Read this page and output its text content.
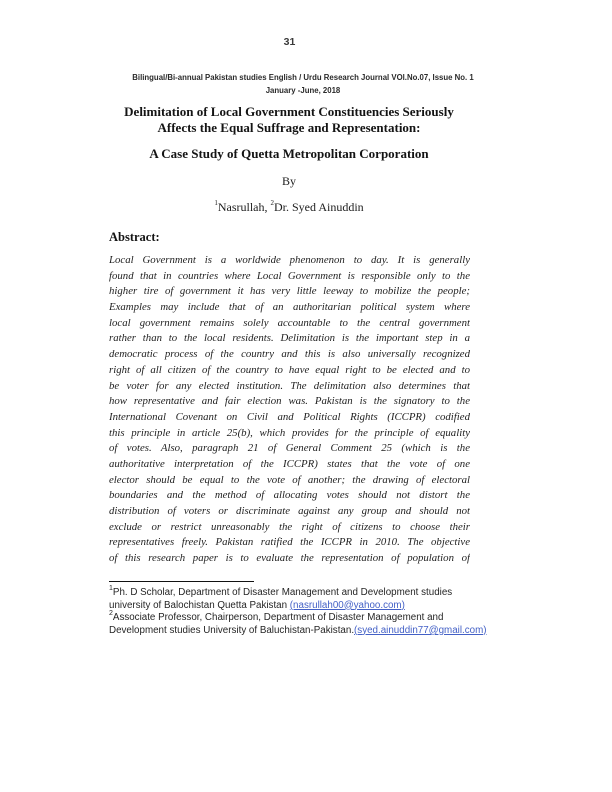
31
Bilingual/Bi-annual Pakistan studies English / Urdu Research Journal VOl.No.07, Issue No. 1
January -June, 2018
Delimitation of Local Government Constituencies Seriously
Affects the Equal Suffrage and Representation:
A Case Study of Quetta Metropolitan Corporation
By
$^1$Nasrullah, $^2$Dr. Syed Ainuddin
Abstract:
Local Government is a worldwide phenomenon to day. It is generally
found that in countries where Local Government is responsible only to the
higher tire of government it has very little leeway to mobilize the people;
Examples may include that of an authoritarian political system where
local government remains solely accountable to the central government
rather than to the local residents. Delimitation is the important step in a
democratic process of the country and this is also universally recognized
right of all citizen of the country to have equal right to be elected and to
be voter for any elected institution. The delimitation also determines that
how representative and fair election was. Pakistan is the signatory to the
International Covenant on Civil and Political Rights (ICCPR) codified
this principle in article 25(b), which provides for the principle of equality
of votes. Also, paragraph 21 of General Comment 25 (which is the
authoritative interpretation of the ICCPR) states that the vote of one
elector should be equal to the vote of another; the drawing of electoral
boundaries and the method of allocating votes should not distort the
distribution of voters or discriminate against any group and should not
exclude or restrict unreasonably the right of citizens to choose their
representatives freely. Pakistan ratified the ICCPR in 2010. The objective
of this research paper is to evaluate the representation of population of
$^1$Ph. D Scholar, Department of Disaster Management and Development studies
university of Balochistan Quetta Pakistan (nasrullah00@yahoo.com)
$^2$Associate Professor, Chairperson, Department of Disaster Management and
Development studies University of Baluchistan-Pakistan.(syed.ainuddin77@gmail.com)
